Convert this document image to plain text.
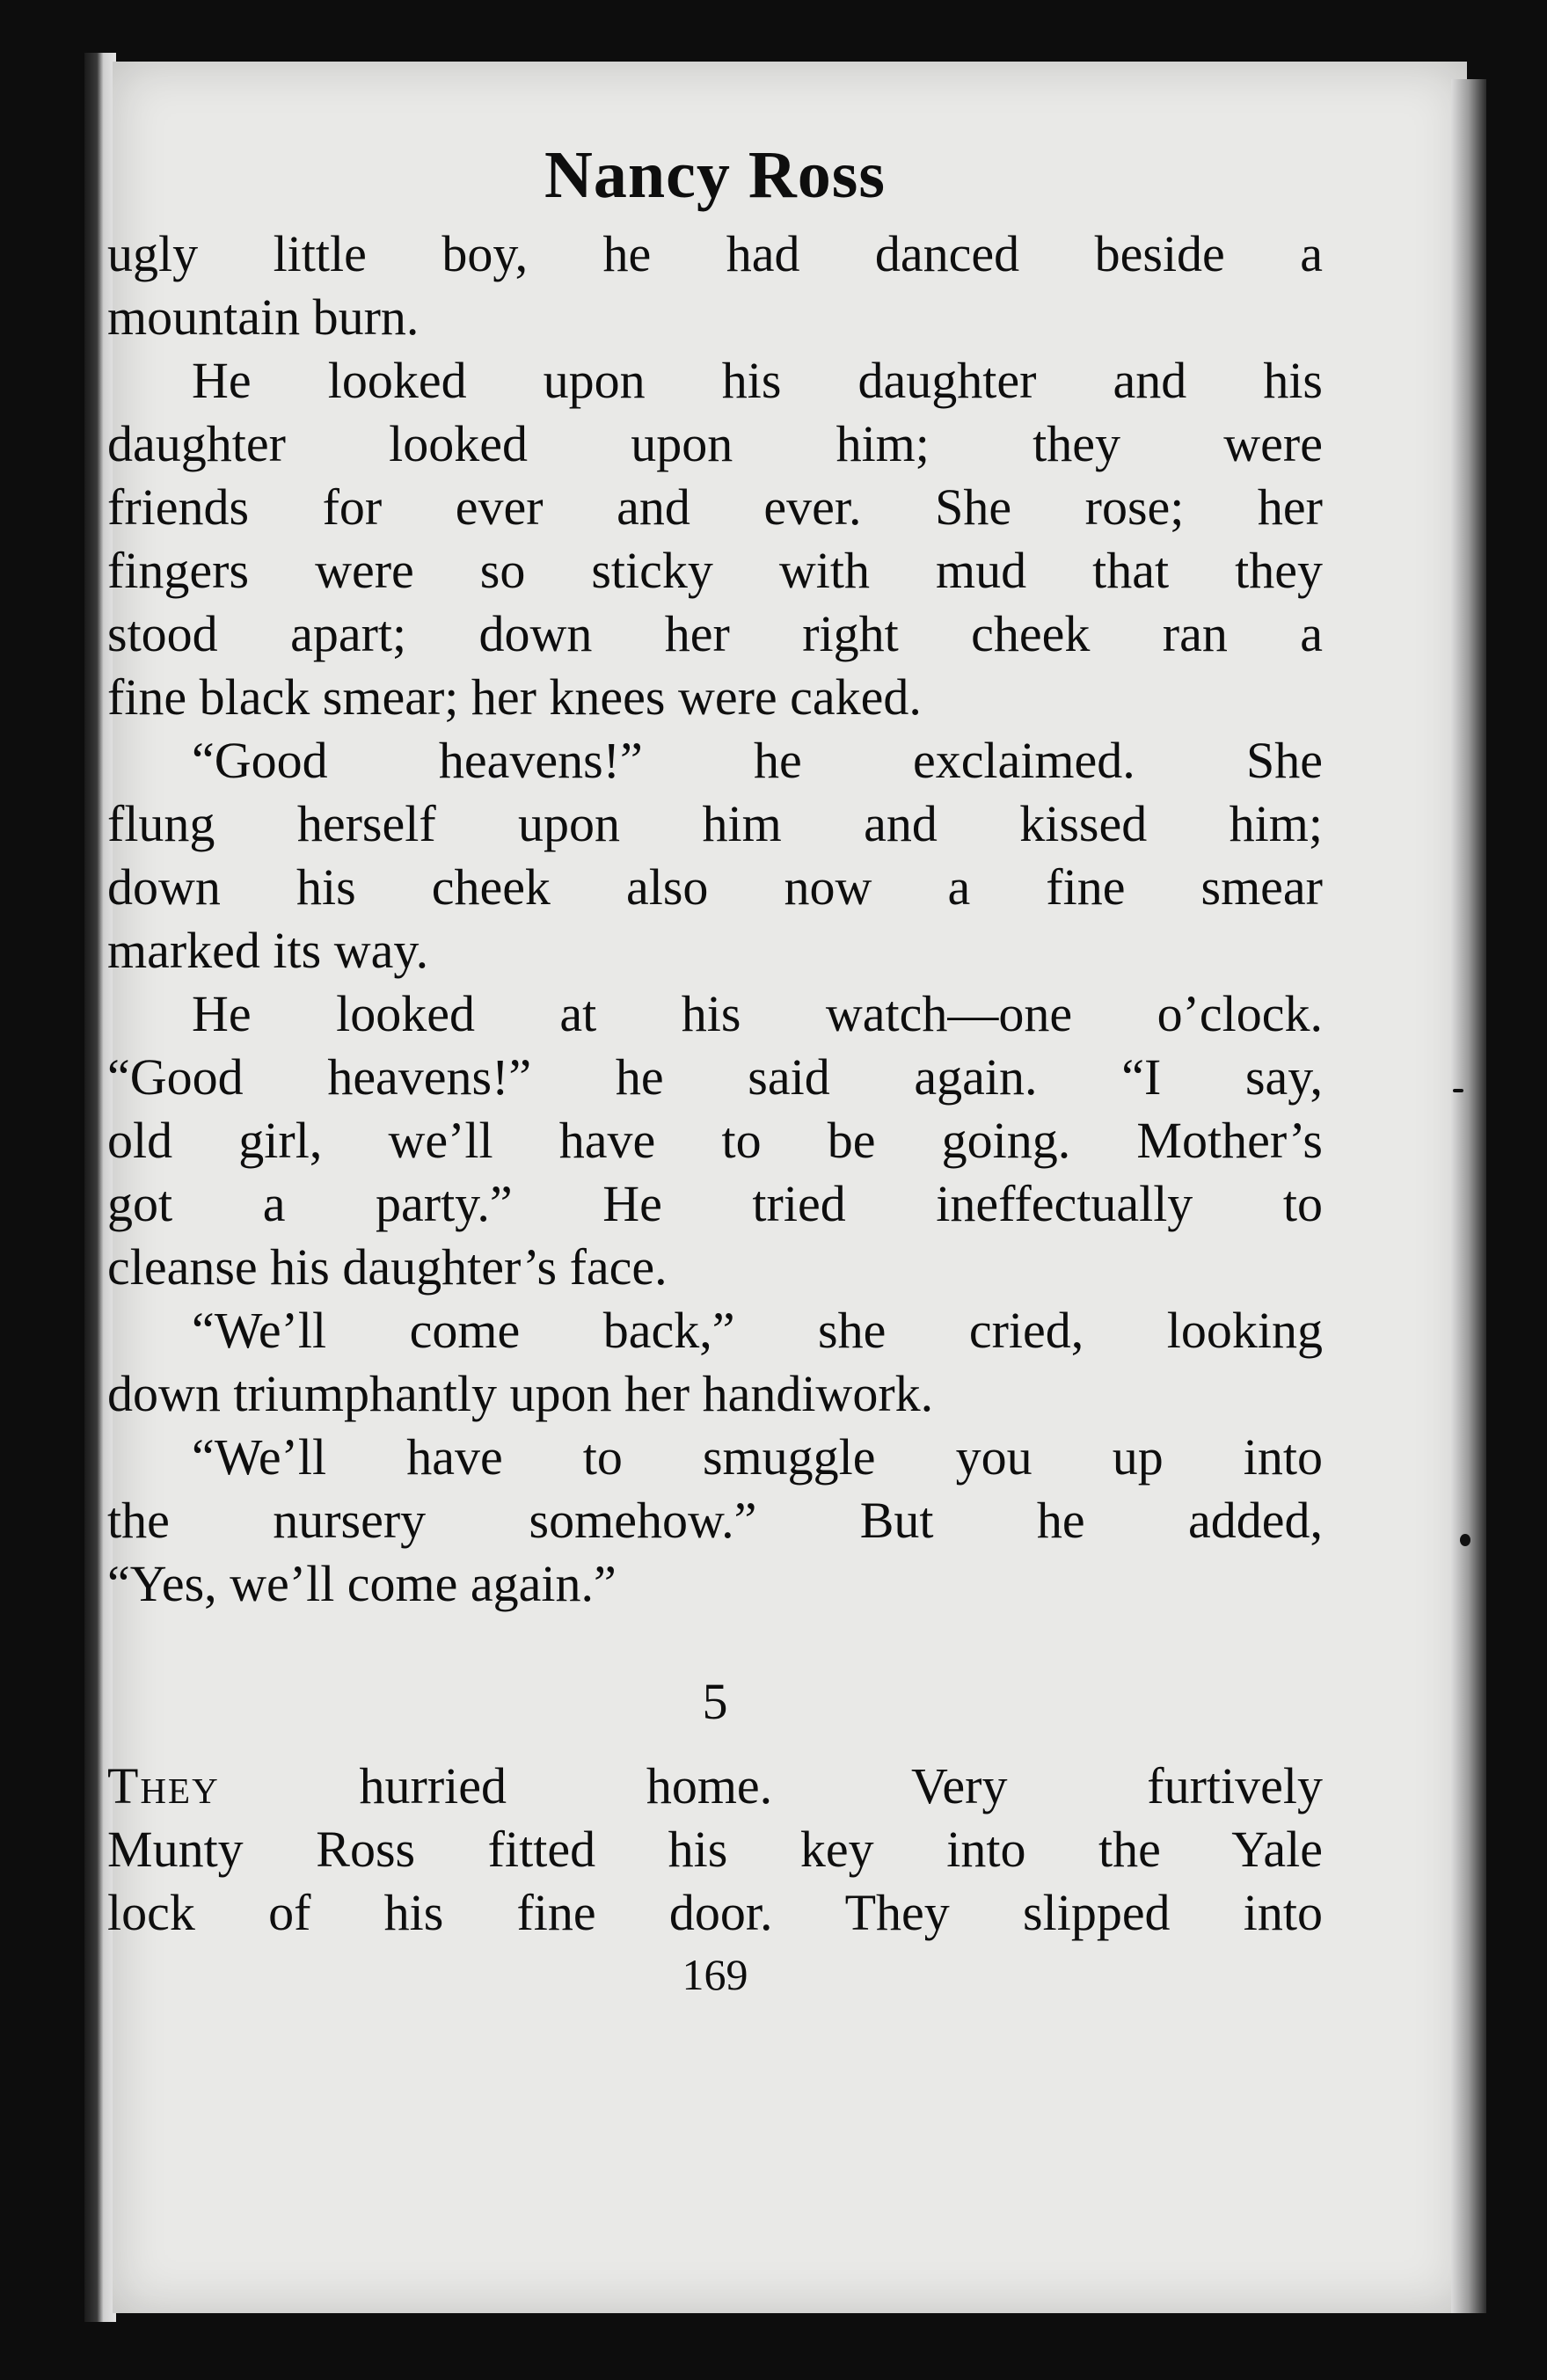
Nancy Ross
ugly little boy, he had danced beside a
mountain burn.
He looked upon his daughter and his
daughter looked upon him; they were
friends for ever and ever. She rose; her
fingers were so sticky with mud that they
stood apart; down her right cheek ran a
fine black smear; her knees were caked.
“Good heavens!” he exclaimed. She
flung herself upon him and kissed him;
down his cheek also now a fine smear
marked its way.
He looked at his watch—one o’clock.
“Good heavens!” he said again. “I say,
old girl, we’ll have to be going. Mother’s
got a party.” He tried ineffectually to
cleanse his daughter’s face.
“We’ll come back,” she cried, looking
down triumphantly upon her handiwork.
“We’ll have to smuggle you up into
the nursery somehow.” But he added,
“Yes, we’ll come again.”
5
They hurried home. Very furtively
Munty Ross fitted his key into the Yale
lock of his fine door. They slipped into
169
